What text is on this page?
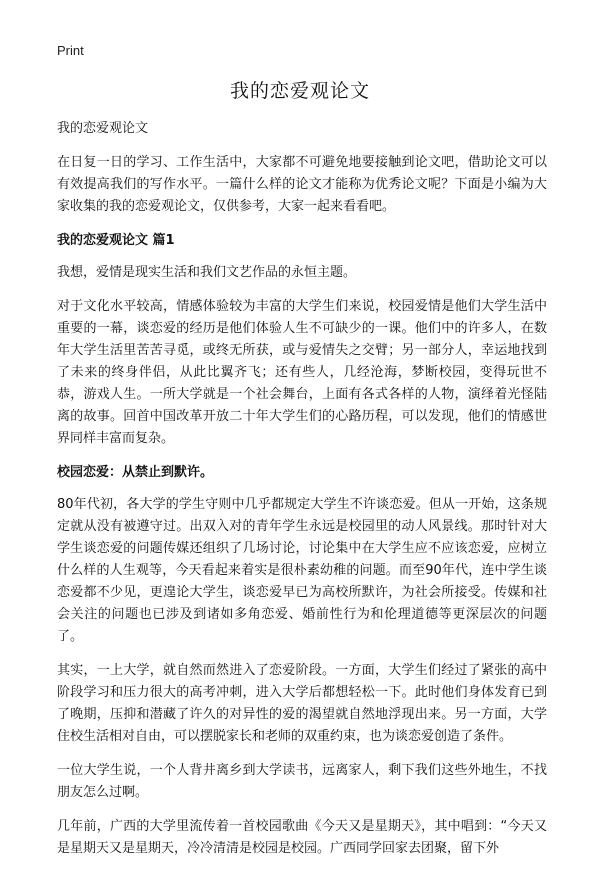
Print
我的恋爱观论文

我的恋爱观论文

在日复一日的学习、工作生活中，大家都不可避免地要接触到论文吧，借助论文可以有效提高我们的写作水平。一篇什么样的论文才能称为优秀论文呢？下面是小编为大家收集的我的恋爱观论文，仅供参考，大家一起来看看吧。

我的恋爱观论文 篇1

我想，爱情是现实生活和我们文艺作品的永恒主题。

对于文化水平较高，情感体验较为丰富的大学生们来说，校园爱情是他们大学生活中重要的一幕，谈恋爱的经历是他们体验人生不可缺少的一课。他们中的许多人，在数年大学生活里苦苦寻觅，或终无所获，或与爱情失之交臂；另一部分人，幸运地找到了未来的终身伴侣，从此比翼齐飞；还有些人，几经沧海，梦断校园，变得玩世不恭，游戏人生。一所大学就是一个社会舞台，上面有各式各样的人物，演绎着光怪陆离的故事。回首中国改革开放二十年大学生们的心路历程，可以发现，他们的情感世界同样丰富而复杂。

校园恋爱：从禁止到默许。

80年代初，各大学的学生守则中几乎都规定大学生不许谈恋爱。但从一开始，这条规定就从没有被遵守过。出双入对的青年学生永远是校园里的动人风景线。那时针对大学生谈恋爱的问题传媒还组织了几场讨论，讨论集中在大学生应不应该恋爱，应树立什么样的人生观等，今天看起来着实是很朴素幼稚的问题。而至90年代，连中学生谈恋爱都不少见，更遑论大学生，谈恋爱早已为高校所默许，为社会所接受。传媒和社会关注的问题也已涉及到诸如多角恋爱、婚前性行为和伦理道德等更深层次的问题了。

其实，一上大学，就自然而然进入了恋爱阶段。一方面，大学生们经过了紧张的高中阶段学习和压力很大的高考冲刺，进入大学后都想轻松一下。此时他们身体发育已到了晚期，压抑和潜藏了许久的对异性的爱的渴望就自然地浮现出来。另一方面，大学住校生活相对自由，可以摆脱家长和老师的双重约束，也为谈恋爱创造了条件。

一位大学生说，一个人背井离乡到大学读书，远离家人，剩下我们这些外地生，不找朋友怎么过啊。

几年前，广西的大学里流传着一首校园歌曲《今天又是星期天》，其中唱到：“今天又是星期天又是星期天，冷冷清清是校园是校园。广西同学回家去团聚，留下外
